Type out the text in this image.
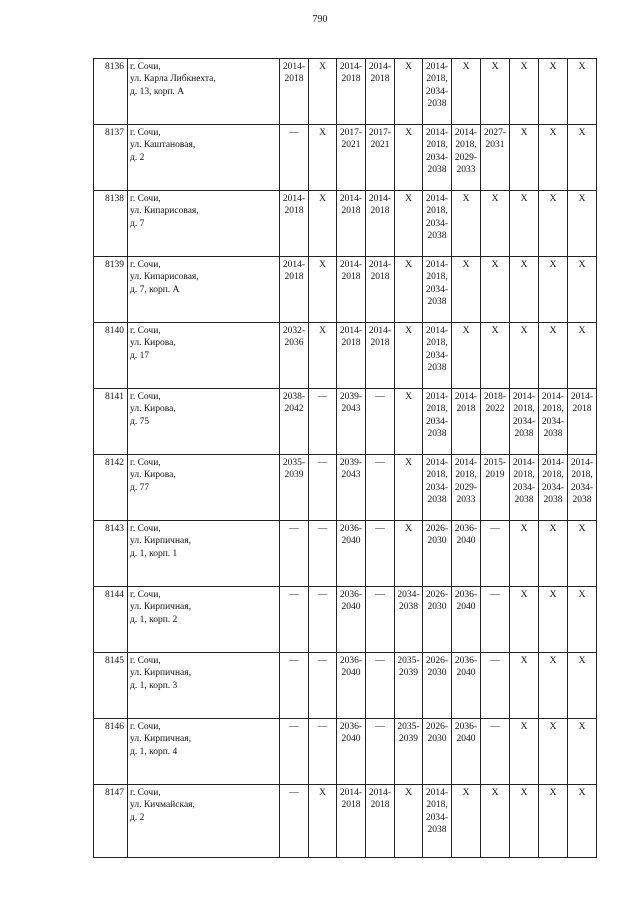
790
8136	г. Сочи,
ул. Карла Либкнехта,
д. 13, корп. А	2014-
2018	Х	2014-
2018	2014-
2018	Х	2014-
2018,
2034-
2038	Х	Х	Х	Х	Х

8137	г. Сочи,
ул. Каштановая,
д. 2	—	Х	2017-
2021	2017-
2021	Х	2014-
2018,
2034-
2038	2014-
2018,
2029-
2033	2027-
2031	Х	Х	Х

8138	г. Сочи,
ул. Кипарисовая,
д. 7	2014-
2018	Х	2014-
2018	2014-
2018	Х	2014-
2018,
2034-
2038	Х	Х	Х	Х	Х

8139	г. Сочи,
ул. Кипарисовая,
д. 7, корп. А	2014-
2018	Х	2014-
2018	2014-
2018	Х	2014-
2018,
2034-
2038	Х	Х	Х	Х	Х

8140	г. Сочи,
ул. Кирова,
д. 17	2032-
2036	Х	2014-
2018	2014-
2018	Х	2014-
2018,
2034-
2038	Х	Х	Х	Х	Х

8141	г. Сочи,
ул. Кирова,
д. 75	2038-
2042	—	2039-
2043	—	Х	2014-
2018,
2034-
2038	2014-
2018	2018-
2022	2014-
2018,
2034-
2038	2014-
2018,
2034-
2038	2014-
2018

8142	г. Сочи,
ул. Кирова,
д. 77	2035-
2039	—	2039-
2043	—	Х	2014-
2018,
2034-
2038	2014-
2018,
2029-
2033	2015-
2019	2014-
2018,
2034-
2038	2014-
2018,
2034-
2038	2014-
2018,
2034-
2038

8143	г. Сочи,
ул. Кирпичная,
д. 1, корп. 1	—	—	2036-
2040	—	Х	2026-
2030	2036-
2040	—	Х	Х	Х

8144	г. Сочи,
ул. Кирпичная,
д. 1, корп. 2	—	—	2036-
2040	—	2034-
2038	2026-
2030	2036-
2040	—	Х	Х	Х

8145	г. Сочи,
ул. Кирпичная,
д. 1, корп. 3	—	—	2036-
2040	—	2035-
2039	2026-
2030	2036-
2040	—	Х	Х	Х

8146	г. Сочи,
ул. Кирпичная,
д. 1, корп. 4	—	—	2036-
2040	—	2035-
2039	2026-
2030	2036-
2040	—	Х	Х	Х

8147	г. Сочи,
ул. Кичмайская,
д. 2	—	Х	2014-
2018	2014-
2018	Х	2014-
2018,
2034-
2038	Х	Х	Х	Х	Х
